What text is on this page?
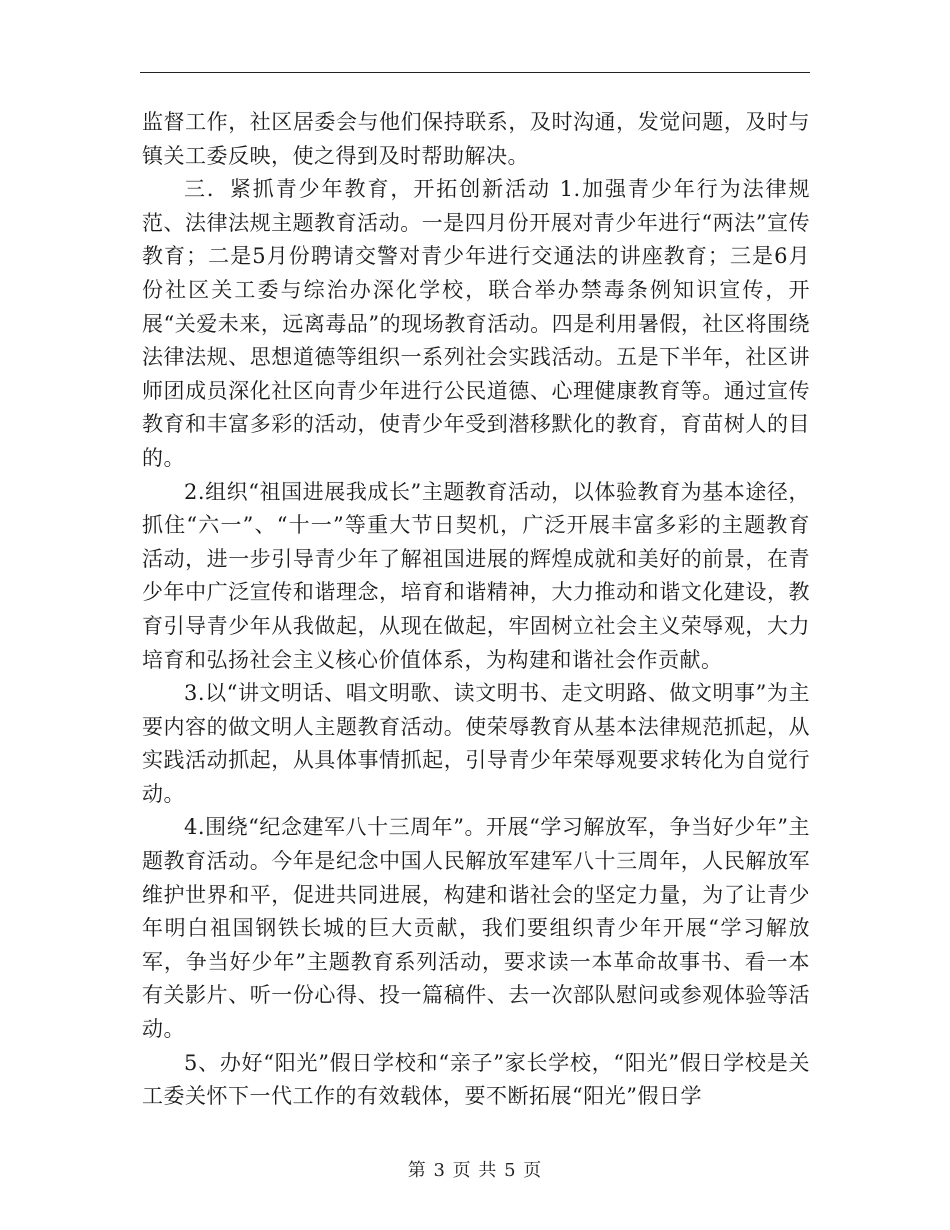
监督工作，社区居委会与他们保持联系，及时沟通，发觉问题，及时与镇关工委反映，使之得到及时帮助解决。

三．紧抓青少年教育，开拓创新活动 1.加强青少年行为法律规范、法律法规主题教育活动。一是四月份开展对青少年进行“两法”宣传教育；二是5月份聘请交警对青少年进行交通法的讲座教育；三是6月份社区关工委与综治办深化学校，联合举办禁毒条例知识宣传，开展“关爱未来，远离毒品”的现场教育活动。四是利用暑假，社区将围绕法律法规、思想道德等组织一系列社会实践活动。五是下半年，社区讲师团成员深化社区向青少年进行公民道德、心理健康教育等。通过宣传教育和丰富多彩的活动，使青少年受到潜移默化的教育，育苗树人的目的。

2.组织“祖国进展我成长”主题教育活动，以体验教育为基本途径，抓住“六一”、“十一”等重大节日契机，广泛开展丰富多彩的主题教育活动，进一步引导青少年了解祖国进展的辉煌成就和美好的前景，在青少年中广泛宣传和谐理念，培育和谐精神，大力推动和谐文化建设，教育引导青少年从我做起，从现在做起，牢固树立社会主义荣辱观，大力培育和弘扬社会主义核心价值体系，为构建和谐社会作贡献。

3.以“讲文明话、唱文明歌、读文明书、走文明路、做文明事”为主要内容的做文明人主题教育活动。使荣辱教育从基本法律规范抓起，从实践活动抓起，从具体事情抓起，引导青少年荣辱观要求转化为自觉行动。

4.围绕“纪念建军八十三周年”。开展“学习解放军，争当好少年”主题教育活动。今年是纪念中国人民解放军建军八十三周年，人民解放军维护世界和平，促进共同进展，构建和谐社会的坚定力量，为了让青少年明白祖国钢铁长城的巨大贡献，我们要组织青少年开展“学习解放军，争当好少年”主题教育系列活动，要求读一本革命故事书、看一本有关影片、听一份心得、投一篇稿件、去一次部队慰问或参观体验等活动。

5、办好“阳光”假日学校和“亲子”家长学校，“阳光”假日学校是关工委关怀下一代工作的有效载体，要不断拓展“阳光”假日学

第 3 页 共 5 页
